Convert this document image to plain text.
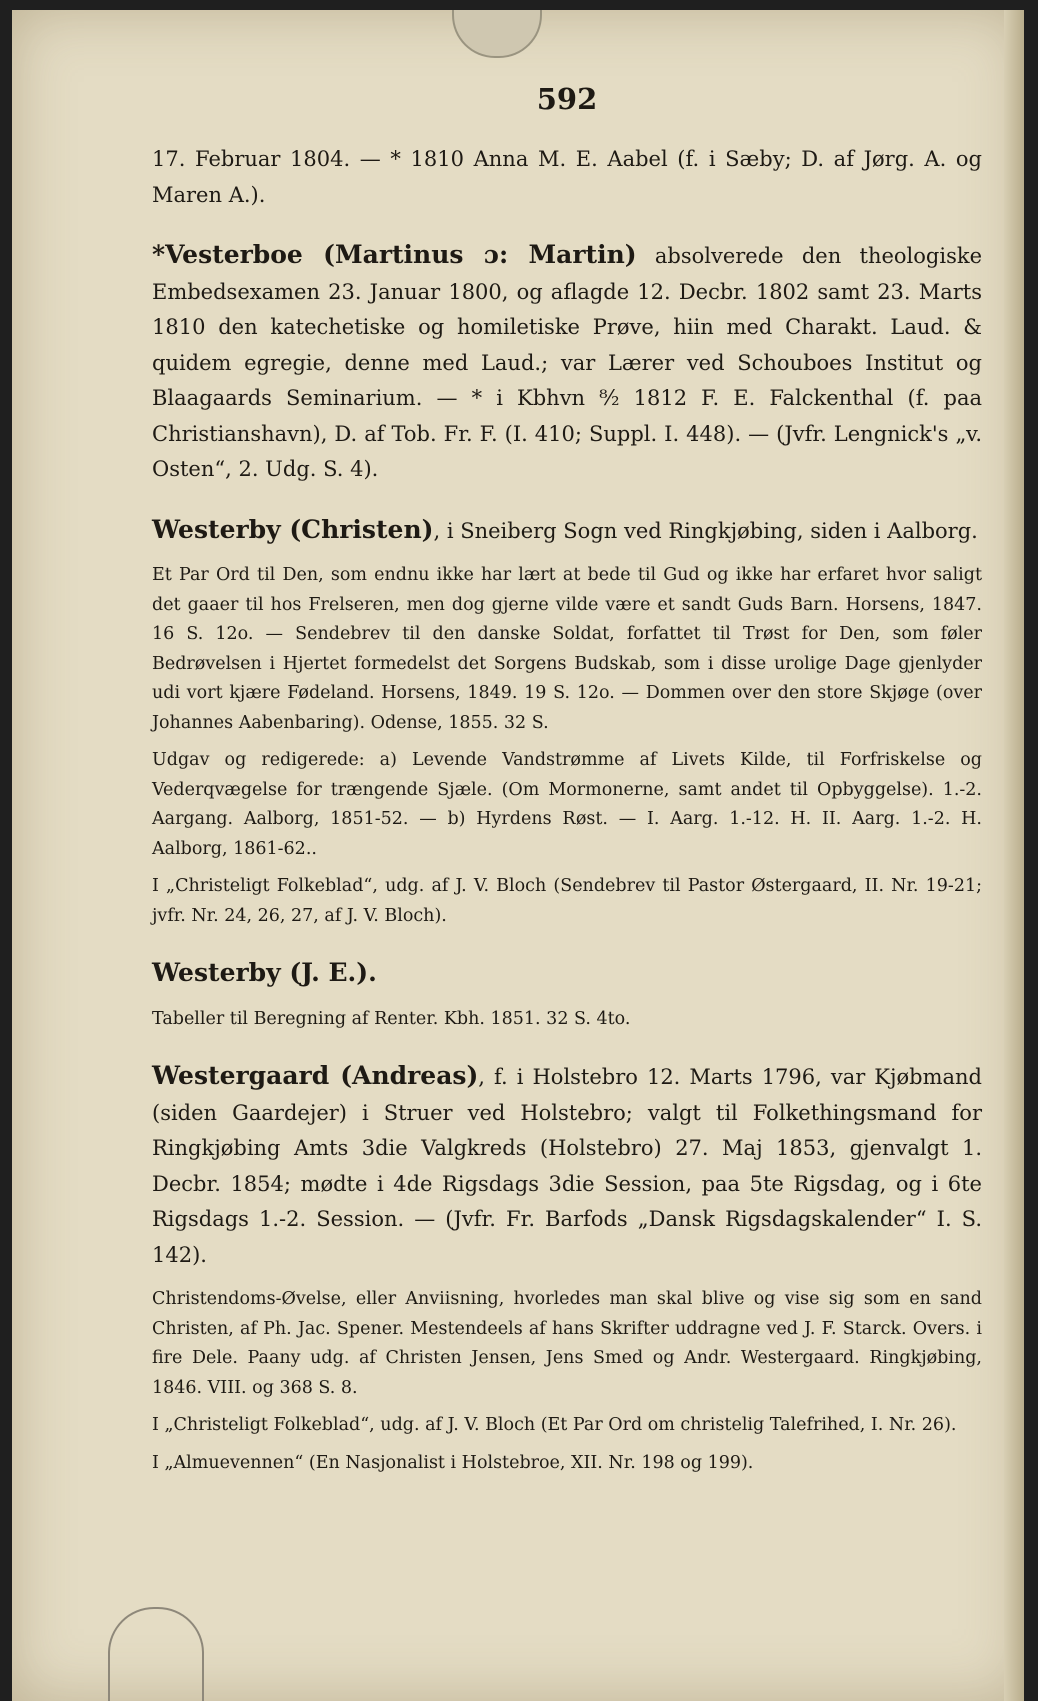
592

17. Februar 1804. — * 1810 Anna M. E. Aabel (f. i Sæby; D. af Jørg. A. og Maren A.).

*Vesterboe (Martinus ɔ: Martin) absolverede den theologiske Embedsexamen 23. Januar 1800, og aflagde 12. Decbr. 1802 samt 23. Marts 1810 den katechetiske og homiletiske Prøve, hiin med Charakt. Laud. & quidem egregie, denne med Laud.; var Lærer ved Schouboes Institut og Blaagaards Seminarium. — * i Kbhvn ⁸⁄₂ 1812 F. E. Falckenthal (f. paa Christianshavn), D. af Tob. Fr. F. (I. 410; Suppl. I. 448). — (Jvfr. Lengnick's „v. Osten“, 2. Udg. S. 4).

Westerby (Christen), i Sneiberg Sogn ved Ringkjøbing, siden i Aalborg.

Et Par Ord til Den, som endnu ikke har lært at bede til Gud og ikke har erfaret hvor saligt det gaaer til hos Frelseren, men dog gjerne vilde være et sandt Guds Barn. Horsens, 1847. 16 S. 12o. — Sendebrev til den danske Soldat, forfattet til Trøst for Den, som føler Bedrøvelsen i Hjertet formedelst det Sorgens Budskab, som i disse urolige Dage gjenlyder udi vort kjære Fødeland. Horsens, 1849. 19 S. 12o. — Dommen over den store Skjøge (over Johannes Aabenbaring). Odense, 1855. 32 S.

Udgav og redigerede: a) Levende Vandstrømme af Livets Kilde, til Forfriskelse og Vederqvægelse for trængende Sjæle. (Om Mormonerne, samt andet til Opbyggelse). 1.-2. Aargang. Aalborg, 1851-52. — b) Hyrdens Røst. — I. Aarg. 1.-12. H. II. Aarg. 1.-2. H. Aalborg, 1861-62..

I „Christeligt Folkeblad“, udg. af J. V. Bloch (Sendebrev til Pastor Østergaard, II. Nr. 19-21; jvfr. Nr. 24, 26, 27, af J. V. Bloch).

Westerby (J. E.).

Tabeller til Beregning af Renter. Kbh. 1851. 32 S. 4to.

Westergaard (Andreas), f. i Holstebro 12. Marts 1796, var Kjøbmand (siden Gaardejer) i Struer ved Holstebro; valgt til Folkethingsmand for Ringkjøbing Amts 3die Valgkreds (Holstebro) 27. Maj 1853, gjenvalgt 1. Decbr. 1854; mødte i 4de Rigsdags 3die Session, paa 5te Rigsdag, og i 6te Rigsdags 1.-2. Session. — (Jvfr. Fr. Barfods „Dansk Rigsdagskalender“ I. S. 142).

Christendoms-Øvelse, eller Anviisning, hvorledes man skal blive og vise sig som en sand Christen, af Ph. Jac. Spener. Mestendeels af hans Skrifter uddragne ved J. F. Starck. Overs. i fire Dele. Paany udg. af Christen Jensen, Jens Smed og Andr. Westergaard. Ringkjøbing, 1846. VIII. og 368 S. 8.

I „Christeligt Folkeblad“, udg. af J. V. Bloch (Et Par Ord om christelig Talefrihed, I. Nr. 26).

I „Almuevennen“ (En Nasjonalist i Holstebroe, XII. Nr. 198 og 199).
